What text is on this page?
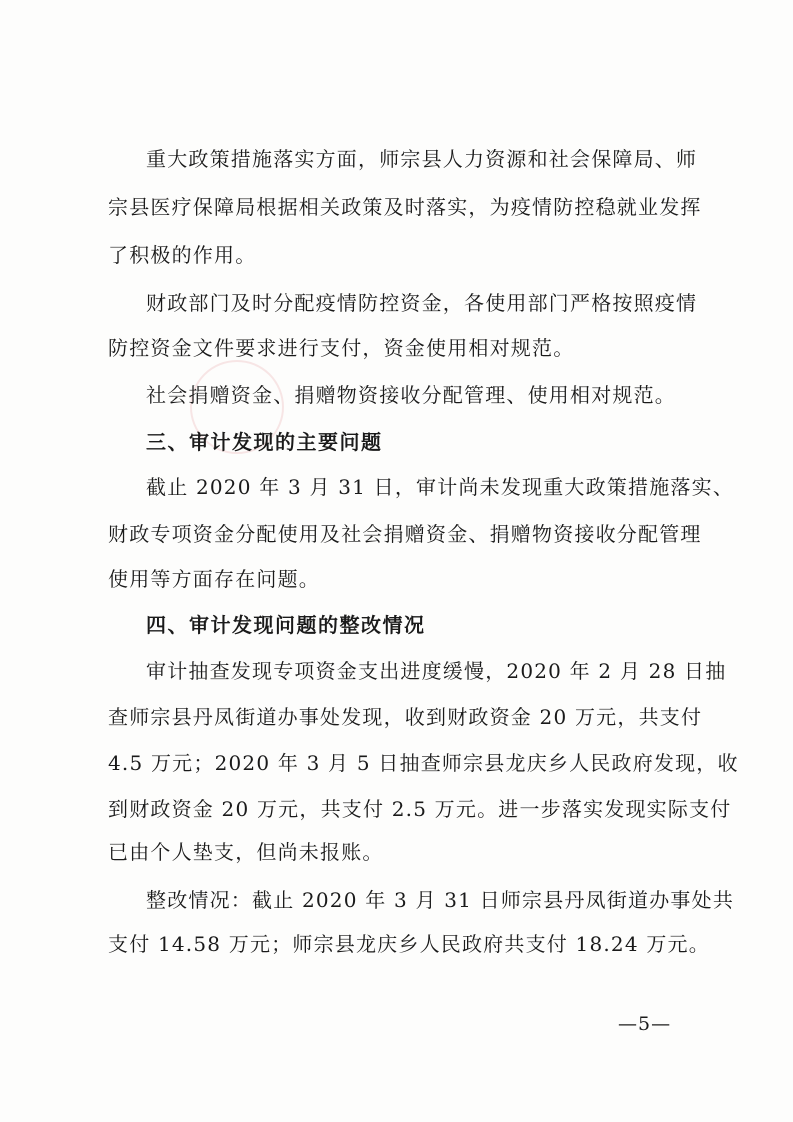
重大政策措施落实方面，师宗县人力资源和社会保障局、师
宗县医疗保障局根据相关政策及时落实，为疫情防控稳就业发挥
了积极的作用。
财政部门及时分配疫情防控资金，各使用部门严格按照疫情
防控资金文件要求进行支付，资金使用相对规范。
社会捐赠资金、捐赠物资接收分配管理、使用相对规范。
三、审计发现的主要问题
截止 2020 年 3 月 31 日，审计尚未发现重大政策措施落实、
财政专项资金分配使用及社会捐赠资金、捐赠物资接收分配管理
使用等方面存在问题。
四、审计发现问题的整改情况
审计抽查发现专项资金支出进度缓慢，2020 年 2 月 28 日抽
查师宗县丹凤街道办事处发现，收到财政资金 20 万元，共支付
4.5 万元；2020 年 3 月 5 日抽查师宗县龙庆乡人民政府发现，收
到财政资金 20 万元，共支付 2.5 万元。进一步落实发现实际支付
已由个人垫支，但尚未报账。
整改情况：截止 2020 年 3 月 31 日师宗县丹凤街道办事处共
支付 14.58 万元；师宗县龙庆乡人民政府共支付 18.24 万元。
—5—
